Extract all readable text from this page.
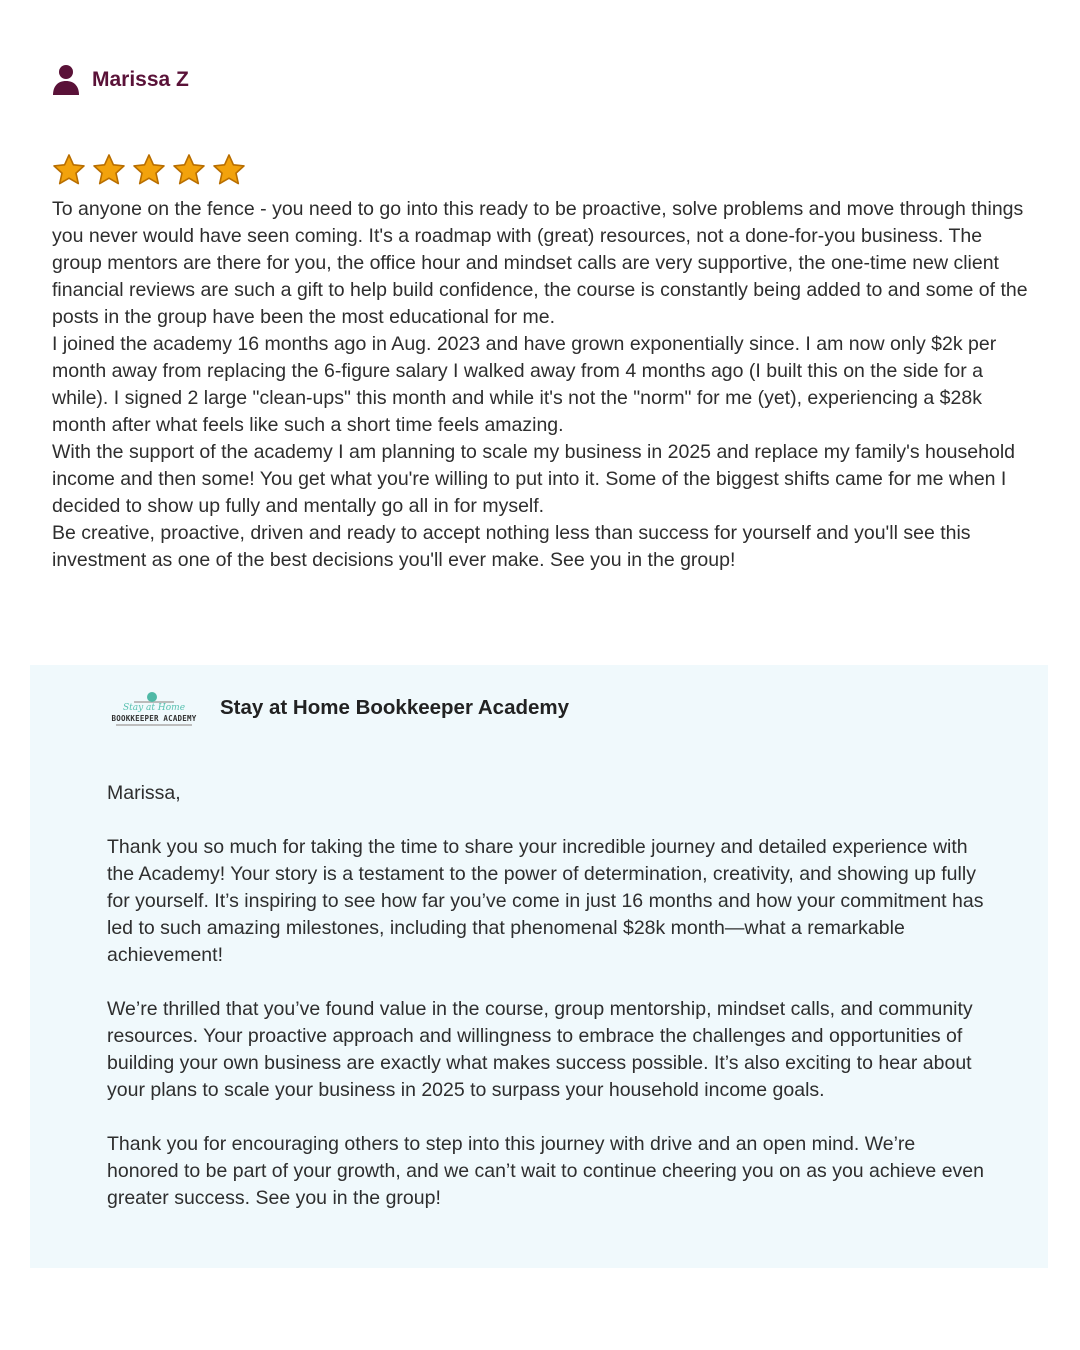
Marissa Z

To anyone on the fence - you need to go into this ready to be proactive, solve problems and move through things you never would have seen coming. It's a roadmap with (great) resources, not a done-for-you business. The group mentors are there for you, the office hour and mindset calls are very supportive, the one-time new client financial reviews are such a gift to help build confidence, the course is constantly being added to and some of the posts in the group have been the most educational for me.

I joined the academy 16 months ago in Aug. 2023 and have grown exponentially since. I am now only $2k per month away from replacing the 6-figure salary I walked away from 4 months ago (I built this on the side for a while). I signed 2 large "clean-ups" this month and while it's not the "norm" for me (yet), experiencing a $28k month after what feels like such a short time feels amazing.

With the support of the academy I am planning to scale my business in 2025 and replace my family's household income and then some! You get what you're willing to put into it. Some of the biggest shifts came for me when I decided to show up fully and mentally go all in for myself.

Be creative, proactive, driven and ready to accept nothing less than success for yourself and you'll see this investment as one of the best decisions you'll ever make. See you in the group!

Stay at Home
BOOKKEEPER ACADEMY Stay at Home Bookkeeper Academy

Marissa,

Thank you so much for taking the time to share your incredible journey and detailed experience with the Academy! Your story is a testament to the power of determination, creativity, and showing up fully for yourself. It’s inspiring to see how far you’ve come in just 16 months and how your commitment has led to such amazing milestones, including that phenomenal $28k month—what a remarkable achievement!

We’re thrilled that you’ve found value in the course, group mentorship, mindset calls, and community resources. Your proactive approach and willingness to embrace the challenges and opportunities of building your own business are exactly what makes success possible. It’s also exciting to hear about your plans to scale your business in 2025 to surpass your household income goals.

Thank you for encouraging others to step into this journey with drive and an open mind. We’re honored to be part of your growth, and we can’t wait to continue cheering you on as you achieve even greater success. See you in the group!
